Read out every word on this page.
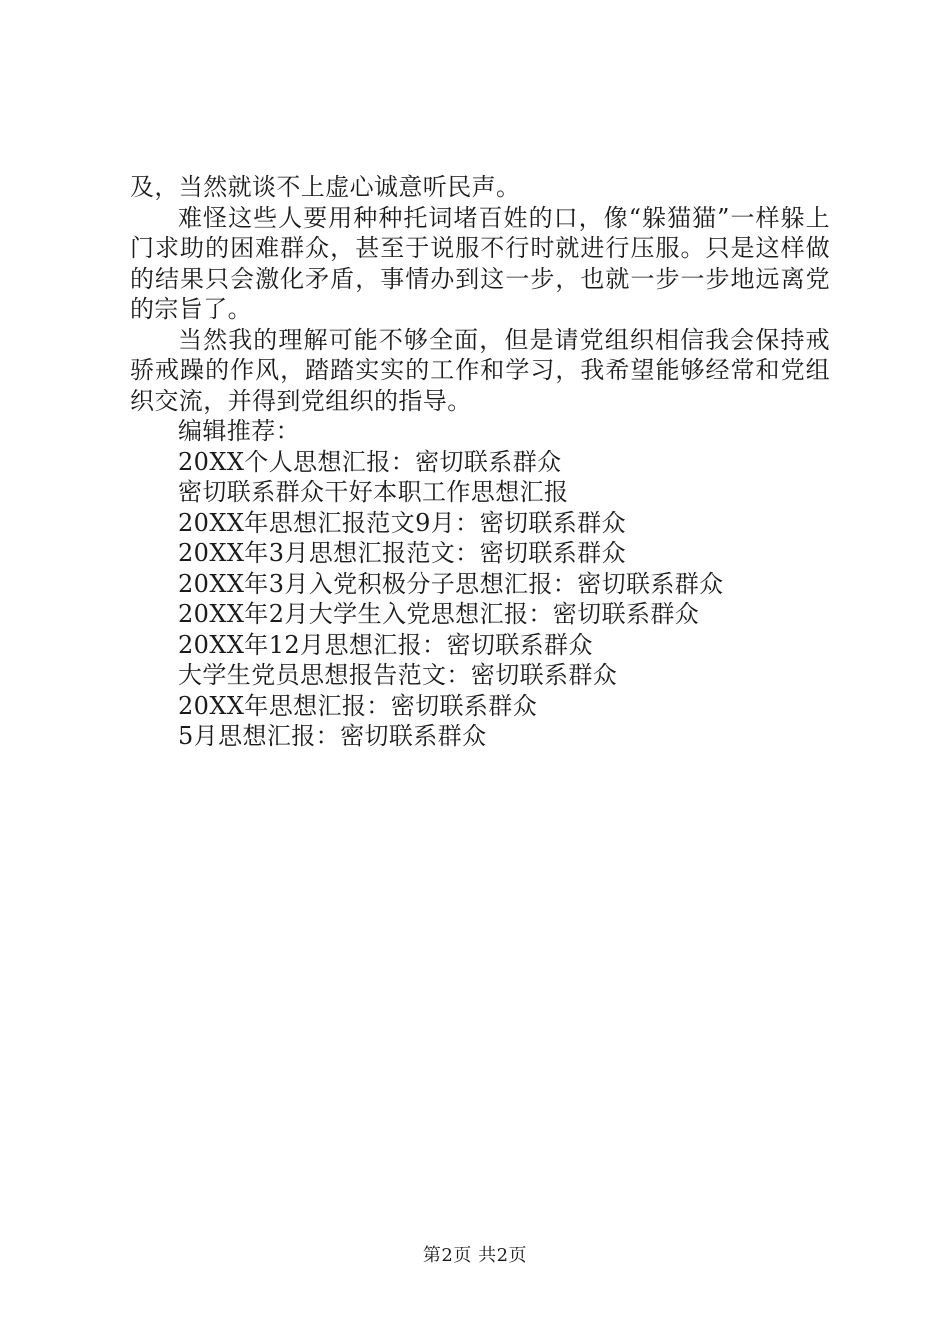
及，当然就谈不上虚心诚意听民声。

难怪这些人要用种种托词堵百姓的口，像“躲猫猫”一样躲上门求助的困难群众，甚至于说服不行时就进行压服。只是这样做的结果只会激化矛盾，事情办到这一步，也就一步一步地远离党的宗旨了。

当然我的理解可能不够全面，但是请党组织相信我会保持戒骄戒躁的作风，踏踏实实的工作和学习，我希望能够经常和党组织交流，并得到党组织的指导。

编辑推荐：

20XX个人思想汇报：密切联系群众
密切联系群众干好本职工作思想汇报
20XX年思想汇报范文9月：密切联系群众
20XX年3月思想汇报范文：密切联系群众
20XX年3月入党积极分子思想汇报：密切联系群众
20XX年2月大学生入党思想汇报：密切联系群众
20XX年12月思想汇报：密切联系群众
大学生党员思想报告范文：密切联系群众
20XX年思想汇报：密切联系群众
5月思想汇报：密切联系群众
第2页 共2页
